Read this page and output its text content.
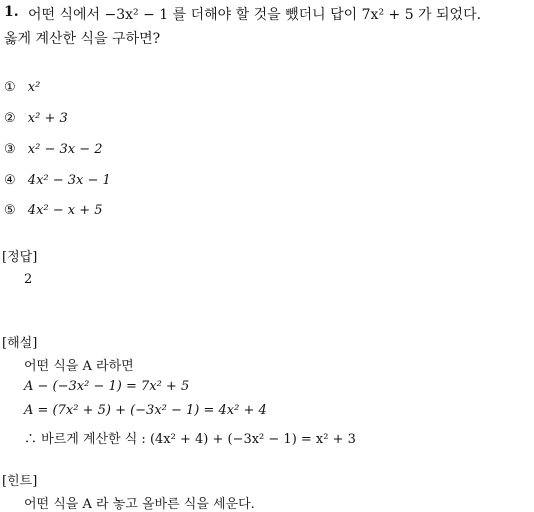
1. 어떤 식에서 −3x² − 1 를 더해야 할 것을 뺐더니 답이 7x² + 5 가 되었다.
옳게 계산한 식을 구하면?
① x²
② x² + 3
③ x² − 3x − 2
④ 4x² − 3x − 1
⑤ 4x² − x + 5
[정답]
2
[해설]
어떤 식을 A 라하면
A − (−3x² − 1) = 7x² + 5
A = (7x² + 5) + (−3x² − 1) = 4x² + 4
∴ 바르게 계산한 식 : (4x² + 4) + (−3x² − 1) = x² + 3
[힌트]
어떤 식을 A 라 놓고 올바른 식을 세운다.
